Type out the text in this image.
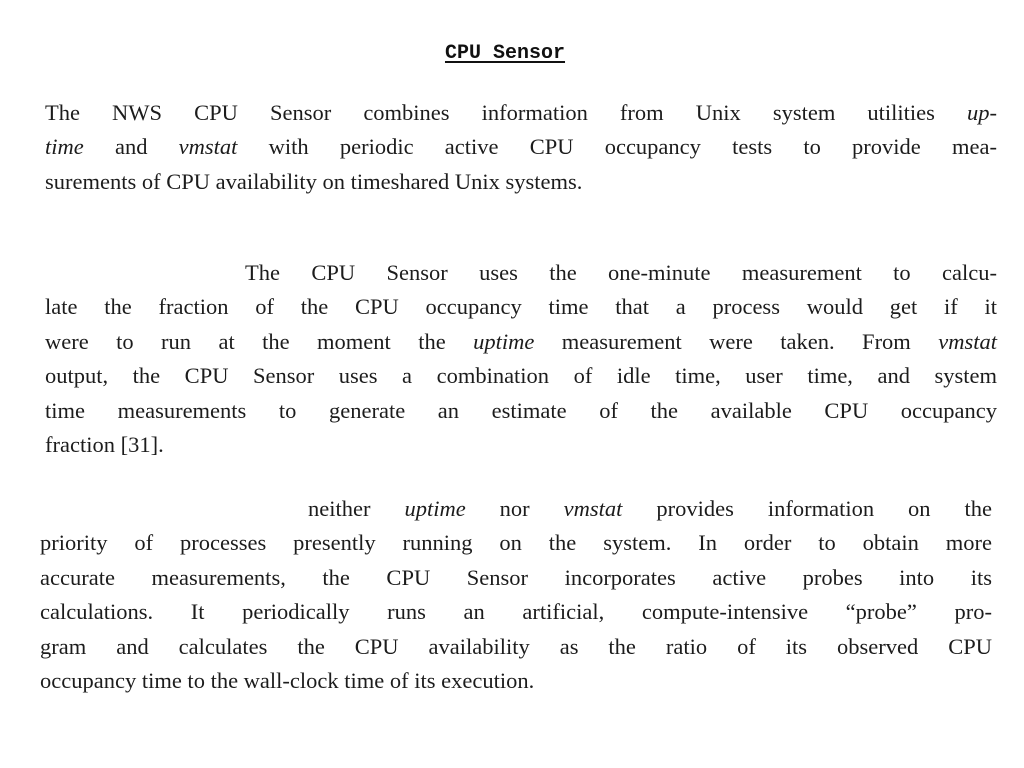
CPU Sensor

The NWS CPU Sensor combines information from Unix system utilities up-
time and vmstat with periodic active CPU occupancy tests to provide mea-
surements of CPU availability on timeshared Unix systems.

The CPU Sensor uses the one-minute measurement to calcu-
late the fraction of the CPU occupancy time that a process would get if it
were to run at the moment the uptime measurement were taken. From vmstat
output, the CPU Sensor uses a combination of idle time, user time, and system
time measurements to generate an estimate of the available CPU occupancy
fraction [31].

neither uptime nor vmstat provides information on the
priority of processes presently running on the system. In order to obtain more
accurate measurements, the CPU Sensor incorporates active probes into its
calculations. It periodically runs an artificial, compute-intensive “probe” pro-
gram and calculates the CPU availability as the ratio of its observed CPU
occupancy time to the wall-clock time of its execution.
